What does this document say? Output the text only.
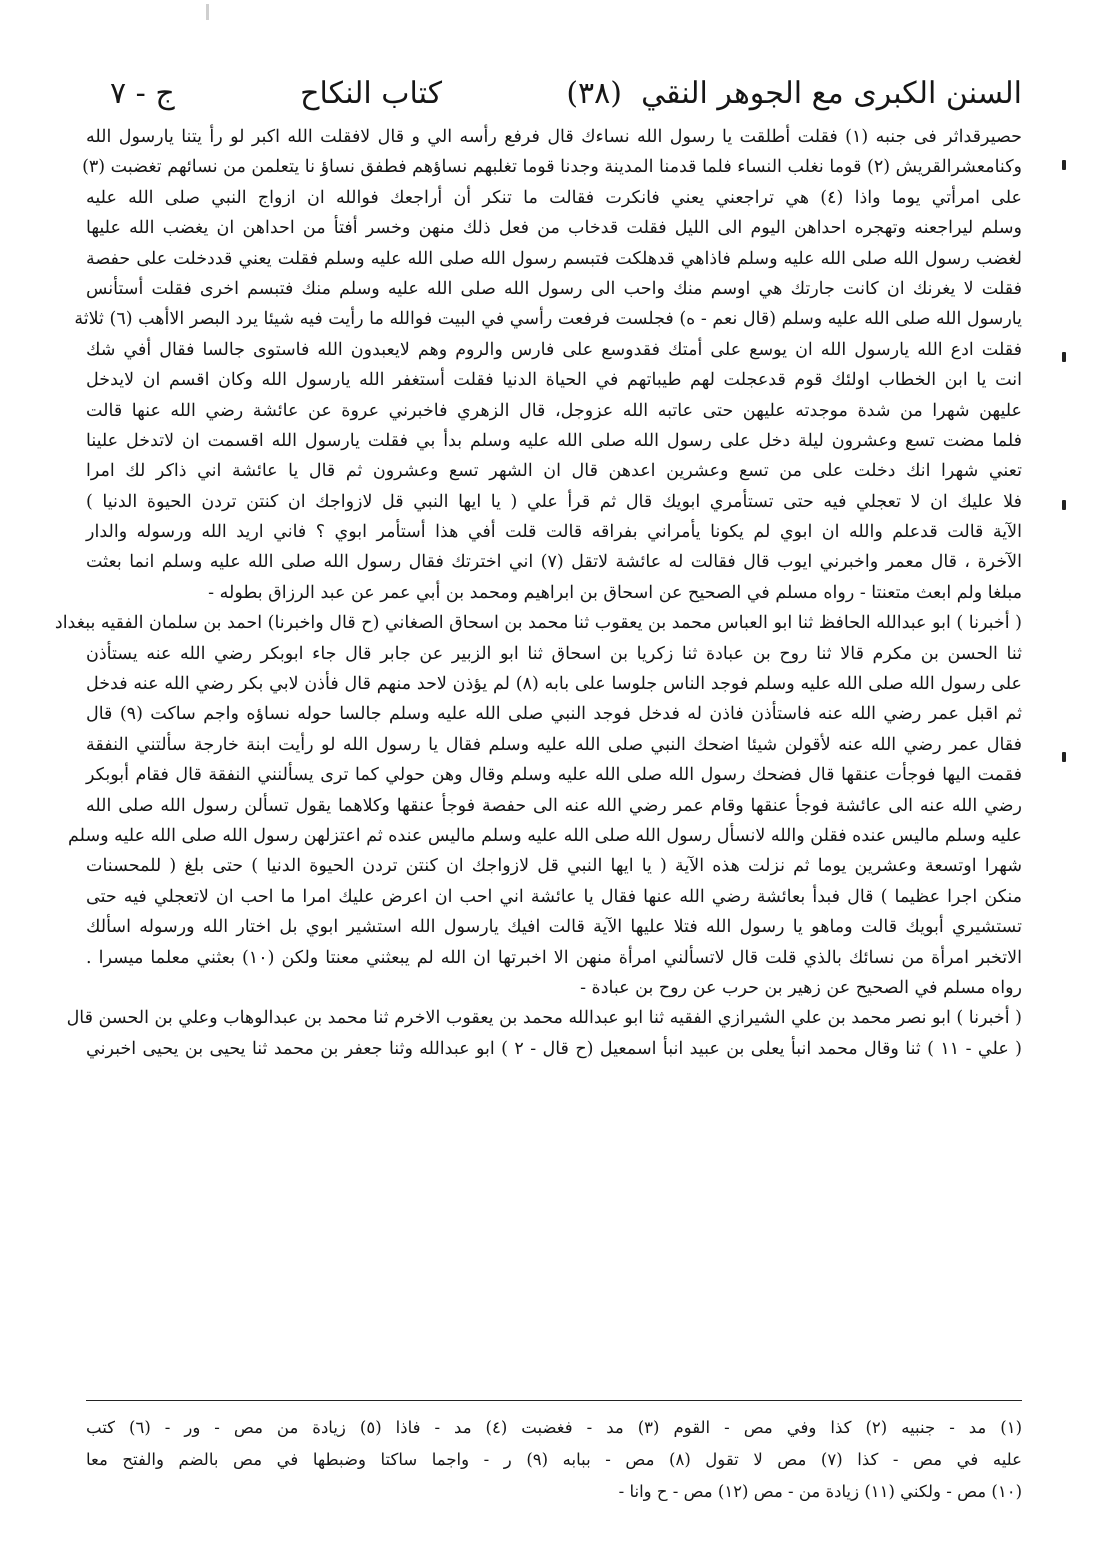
السنن الكبرى مع الجوهر النقي
(٣٨)
كتاب النكاح
ج - ٧
حصيرقداثر فى جنبه (١) فقلت أطلقت يا رسول الله نساءك قال فرفع رأسه الي و قال لافقلت الله اكبر لو رأ يتنا يارسول الله
وكنامعشرالقريش (٢) قوما نغلب النساء فلما قدمنا المدينة وجدنا قوما تغلبهم نساؤهم فطفق نساؤ نا يتعلمن من نسائهم تغضبت (٣)
على امرأتي يوما واذا (٤) هي تراجعني يعني فانكرت فقالت ما تنكر أن أراجعك فوالله ان ازواج النبي صلى الله عليه
وسلم ليراجعنه وتهجره احداهن اليوم الى الليل فقلت قدخاب من فعل ذلك منهن وخسر أفتأ من احداهن ان يغضب الله عليها
لغضب رسول الله صلى الله عليه وسلم فاذاهي قدهلكت فتبسم رسول الله صلى الله عليه وسلم فقلت يعني قددخلت على حفصة
فقلت لا يغرنك ان كانت جارتك هي اوسم منك واحب الى رسول الله صلى الله عليه وسلم منك فتبسم اخرى فقلت أستأنس
يارسول الله صلى الله عليه وسلم (قال نعم - ه) فجلست فرفعت رأسي في البيت فوالله ما رأيت فيه شيئا يرد البصر الاأهب (٦) ثلاثة
فقلت ادع الله يارسول الله ان يوسع على أمتك فقدوسع على فارس والروم وهم لايعبدون الله فاستوى جالسا فقال أفي شك
انت يا ابن الخطاب اولئك قوم قدعجلت لهم طيباتهم في الحياة الدنيا فقلت أستغفر الله يارسول الله وكان اقسم ان لايدخل
عليهن شهرا من شدة موجدته عليهن حتى عاتبه الله عزوجل، قال الزهري فاخبرني عروة عن عائشة رضي الله عنها قالت
فلما مضت تسع وعشرون ليلة دخل على رسول الله صلى الله عليه وسلم بدأ بي فقلت يارسول الله اقسمت ان لاتدخل علينا
تعني شهرا انك دخلت على من تسع وعشرين اعدهن قال ان الشهر تسع وعشرون ثم قال يا عائشة اني ذاكر لك امرا
فلا عليك ان لا تعجلي فيه حتى تستأمري ابويك قال ثم قرأ علي ( يا ايها النبي قل لازواجك ان كنتن تردن الحيوة الدنيا )
الآية قالت قدعلم والله ان ابوي لم يكونا يأمراني بفراقه قالت قلت أفي هذا أستأمر ابوي ؟ فاني اريد الله ورسوله والدار
الآخرة ، قال معمر واخبرني ايوب قال فقالت له عائشة لاتقل (٧) اني اخترتك فقال رسول الله صلى الله عليه وسلم انما بعثت
مبلغا ولم ابعث متعنتا - رواه مسلم في الصحيح عن اسحاق بن ابراهيم ومحمد بن أبي عمر عن عبد الرزاق بطوله -
( أخبرنا ) ابو عبدالله الحافظ ثنا ابو العباس محمد بن يعقوب ثنا محمد بن اسحاق الصغاني (ح قال واخبرنا) احمد بن سلمان الفقيه ببغداد
ثنا الحسن بن مكرم قالا ثنا روح بن عبادة ثنا زكريا بن اسحاق ثنا ابو الزبير عن جابر قال جاء ابوبكر رضي الله عنه يستأذن
على رسول الله صلى الله عليه وسلم فوجد الناس جلوسا على بابه (٨) لم يؤذن لاحد منهم قال فأذن لابي بكر رضي الله عنه فدخل
ثم اقبل عمر رضي الله عنه فاستأذن فاذن له فدخل فوجد النبي صلى الله عليه وسلم جالسا حوله نساؤه واجم ساكت (٩) قال
فقال عمر رضي الله عنه لأقولن شيئا اضحك النبي صلى الله عليه وسلم فقال يا رسول الله لو رأيت ابنة خارجة سألتني النفقة
فقمت اليها فوجأت عنقها قال فضحك رسول الله صلى الله عليه وسلم وقال وهن حولي كما ترى يسألنني النفقة قال فقام أبوبكر
رضي الله عنه الى عائشة فوجأ عنقها وقام عمر رضي الله عنه الى حفصة فوجأ عنقها وكلاهما يقول تسألن رسول الله صلى الله
عليه وسلم ماليس عنده فقلن والله لانسأل رسول الله صلى الله عليه وسلم ماليس عنده ثم اعتزلهن رسول الله صلى الله عليه وسلم
شهرا اوتسعة وعشرين يوما ثم نزلت هذه الآية ( يا ايها النبي قل لازواجك ان كنتن تردن الحيوة الدنيا ) حتى بلغ ( للمحسنات
منكن اجرا عظيما ) قال فبدأ بعائشة رضي الله عنها فقال يا عائشة اني احب ان اعرض عليك امرا ما احب ان لاتعجلي فيه حتى
تستشيري أبويك قالت وماهو يا رسول الله فتلا عليها الآية قالت افيك يارسول الله استشير ابوي بل اختار الله ورسوله اسألك
الاتخبر امرأة من نسائك بالذي قلت قال لاتسألني امرأة منهن الا اخبرتها ان الله لم يبعثني معنتا ولكن (١٠) بعثني معلما ميسرا .
رواه مسلم في الصحيح عن زهير بن حرب عن روح بن عبادة -
( أخبرنا ) ابو نصر محمد بن علي الشيرازي الفقيه ثنا ابو عبدالله محمد بن يعقوب الاخرم ثنا محمد بن عبدالوهاب وعلي بن الحسن قال
( علي - ١١ ) ثنا وقال محمد انبأ يعلى بن عبيد انبأ اسمعيل (ح قال - ٢ ) ابو عبدالله وثنا جعفر بن محمد ثنا يحيى بن يحيى اخبرني
(١) مد - جنبيه (٢) كذا وفي مص - القوم (٣) مد - فغضبت (٤) مد - فاذا (٥) زيادة من مص - ور - (٦) كتب
عليه في مص - كذا (٧) مص لا تقول (٨) مص - ببابه (٩) ر - واجما ساكتا وضبطها في مص بالضم والفتح معا
(١٠) مص - ولكني (١١) زيادة من - مص (١٢) مص - ح وانا -
